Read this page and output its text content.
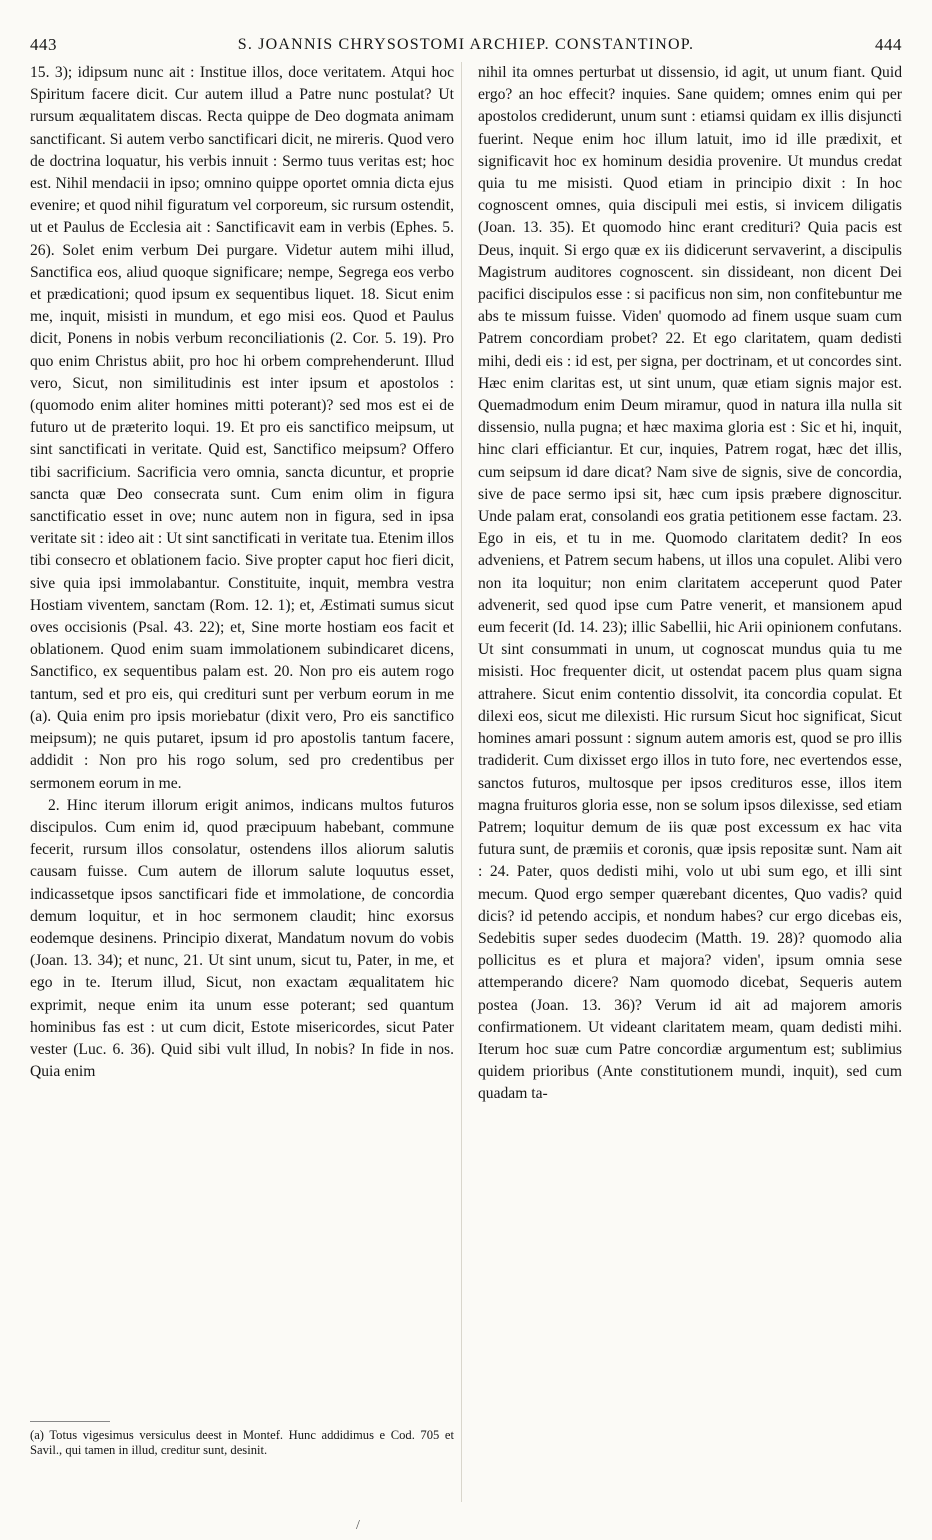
443	S. JOANNIS CHRYSOSTOMI ARCHIEP. CONSTANTINOP.	444

15. 3); idipsum nunc ait : Institue illos, doce veritatem. Atqui hoc Spiritum facere dicit. Cur autem illud a Patre nunc postulat? Ut rursum æqualitatem discas. Recta quippe de Deo dogmata animam sanctificant. Si autem verbo sanctificari dicit, ne mireris. Quod vero de doctrina loquatur, his verbis innuit : Sermo tuus veritas est; hoc est. Nihil mendacii in ipso; omnino quippe oportet omnia dicta ejus evenire; et quod nihil figuratum vel corporeum, sic rursum ostendit, ut et Paulus de Ecclesia ait : Sanctificavit eam in verbis (Ephes. 5. 26). Solet enim verbum Dei purgare. Videtur autem mihi illud, Sanctifica eos, aliud quoque significare; nempe, Segrega eos verbo et prædicationi; quod ipsum ex sequentibus liquet. 18. Sicut enim me, inquit, misisti in mundum, et ego misi eos. Quod et Paulus dicit, Ponens in nobis verbum reconciliationis (2. Cor. 5. 19). Pro quo enim Christus abiit, pro hoc hi orbem comprehenderunt. Illud vero, Sicut, non similitudinis est inter ipsum et apostolos : (quomodo enim aliter homines mitti poterant)? sed mos est ei de futuro ut de præterito loqui. 19. Et pro eis sanctifico meipsum, ut sint sanctificati in veritate. Quid est, Sanctifico meipsum? Offero tibi sacrificium. Sacrificia vero omnia, sancta dicuntur, et proprie sancta quæ Deo consecrata sunt. Cum enim olim in figura sanctificatio esset in ove; nunc autem non in figura, sed in ipsa veritate sit : ideo ait : Ut sint sanctificati in veritate tua. Etenim illos tibi consecro et oblationem facio. Sive propter caput hoc fieri dicit, sive quia ipsi immolabantur. Constituite, inquit, membra vestra Hostiam viventem, sanctam (Rom. 12. 1); et, Æstimati sumus sicut oves occisionis (Psal. 43. 22); et, Sine morte hostiam eos facit et oblationem. Quod enim suam immolationem subindicaret dicens, Sanctifico, ex sequentibus palam est. 20. Non pro eis autem rogo tantum, sed et pro eis, qui credituri sunt per verbum eorum in me (a). Quia enim pro ipsis moriebatur (dixit vero, Pro eis sanctifico meipsum); ne quis putaret, ipsum id pro apostolis tantum facere, addidit : Non pro his rogo solum, sed pro credentibus per sermonem eorum in me.

2. Hinc iterum illorum erigit animos, indicans multos futuros discipulos. Cum enim id, quod præcipuum habebant, commune fecerit, rursum illos consolatur, ostendens illos aliorum salutis causam fuisse. Cum autem de illorum salute loquutus esset, indicassetque ipsos sanctificari fide et immolatione, de concordia demum loquitur, et in hoc sermonem claudit; hinc exorsus eodemque desinens. Principio dixerat, Mandatum novum do vobis (Joan. 13. 34); et nunc, 21. Ut sint unum, sicut tu, Pater, in me, et ego in te. Iterum illud, Sicut, non exactam æqualitatem hic exprimit, neque enim ita unum esse poterant; sed quantum hominibus fas est : ut cum dicit, Estote misericordes, sicut Pater vester (Luc. 6. 36). Quid sibi vult illud, In nobis? In fide in nos. Quia enim

nihil ita omnes perturbat ut dissensio, id agit, ut unum fiant. Quid ergo? an hoc effecit? inquies. Sane quidem; omnes enim qui per apostolos crediderunt, unum sunt : etiamsi quidam ex illis disjuncti fuerint. Neque enim hoc illum latuit, imo id ille prædixit, et significavit hoc ex hominum desidia provenire. Ut mundus credat quia tu me misisti. Quod etiam in principio dixit : In hoc cognoscent omnes, quia discipuli mei estis, si invicem diligatis (Joan. 13. 35). Et quomodo hinc erant credituri? Quia pacis est Deus, inquit. Si ergo quæ ex iis didicerunt servaverint, a discipulis Magistrum auditores cognoscent. sin dissideant, non dicent Dei pacifici discipulos esse : si pacificus non sim, non confitebuntur me abs te missum fuisse. Viden' quomodo ad finem usque suam cum Patrem concordiam probet? 22. Et ego claritatem, quam dedisti mihi, dedi eis : id est, per signa, per doctrinam, et ut concordes sint. Hæc enim claritas est, ut sint unum, quæ etiam signis major est. Quemadmodum enim Deum miramur, quod in natura illa nulla sit dissensio, nulla pugna; et hæc maxima gloria est : Sic et hi, inquit, hinc clari efficiantur. Et cur, inquies, Patrem rogat, hæc det illis, cum seipsum id dare dicat? Nam sive de signis, sive de concordia, sive de pace sermo ipsi sit, hæc cum ipsis præbere dignoscitur. Unde palam erat, consolandi eos gratia petitionem esse factam. 23. Ego in eis, et tu in me. Quomodo claritatem dedit? In eos adveniens, et Patrem secum habens, ut illos una copulet. Alibi vero non ita loquitur; non enim claritatem acceperunt quod Pater advenerit, sed quod ipse cum Patre venerit, et mansionem apud eum fecerit (Id. 14. 23); illic Sabellii, hic Arii opinionem confutans. Ut sint consummati in unum, ut cognoscat mundus quia tu me misisti. Hoc frequenter dicit, ut ostendat pacem plus quam signa attrahere. Sicut enim contentio dissolvit, ita concordia copulat. Et dilexi eos, sicut me dilexisti. Hic rursum Sicut hoc significat, Sicut homines amari possunt : signum autem amoris est, quod se pro illis tradiderit. Cum dixisset ergo illos in tuto fore, nec evertendos esse, sanctos futuros, multosque per ipsos credituros esse, illos item magna fruituros gloria esse, non se solum ipsos dilexisse, sed etiam Patrem; loquitur demum de iis quæ post excessum ex hac vita futura sunt, de præmiis et coronis, quæ ipsis repositæ sunt. Nam ait : 24. Pater, quos dedisti mihi, volo ut ubi sum ego, et illi sint mecum. Quod ergo semper quærebant dicentes, Quo vadis? quid dicis? id petendo accipis, et nondum habes? cur ergo dicebas eis, Sedebitis super sedes duodecim (Matth. 19. 28)? quomodo alia pollicitus es et plura et majora? viden', ipsum omnia sese attemperando dicere? Nam quomodo dicebat, Sequeris autem postea (Joan. 13. 36)? Verum id ait ad majorem amoris confirmationem. Ut videant claritatem meam, quam dedisti mihi. Iterum hoc suæ cum Patre concordiæ argumentum est; sublimius quidem prioribus (Ante constitutionem mundi, inquit), sed cum quadam ta-

(a) Totus vigesimus versiculus deest in Montef. Hunc addidimus e Cod. 705 et Savil., qui tamen in illud, creditur sunt, desinit.
/
